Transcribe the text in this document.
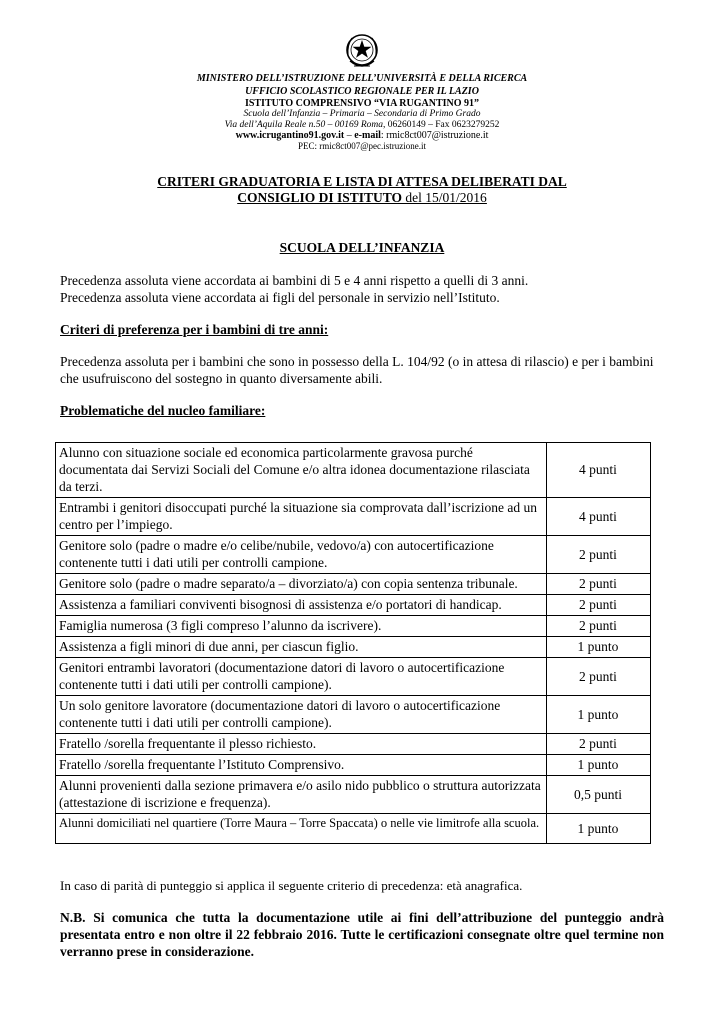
MINISTERO DELL’ISTRUZIONE DELL’UNIVERSITÀ E DELLA RICERCA
UFFICIO SCOLASTICO REGIONALE PER IL LAZIO
ISTITUTO COMPRENSIVO “VIA RUGANTINO 91”
Scuola dell’Infanzia – Primaria – Secondaria di Primo Grado
Via dell’Aquila Reale n.50 – 00169 Roma, 06260149 – Fax 0623279252
www.icrugantino91.gov.it – e-mail: rmic8ct007@istruzione.it
PEC: rmic8ct007@pec.istruzione.it
CRITERI GRADUATORIA E LISTA DI ATTESA DELIBERATI DAL
CONSIGLIO DI ISTITUTO del 15/01/2016
SCUOLA DELL’INFANZIA
Precedenza assoluta viene accordata ai bambini di 5 e 4 anni rispetto a quelli di 3 anni.
Precedenza assoluta viene accordata ai figli del personale in servizio nell’Istituto.
Criteri di preferenza per i bambini di tre anni:
Precedenza assoluta per i bambini che sono in possesso della L. 104/92 (o in attesa di rilascio) e per i bambini che usufruiscono del sostegno in quanto diversamente abili.
Problematiche del nucleo familiare:
Alunno con situazione sociale ed economica particolarmente gravosa purché documentata dai Servizi Sociali del Comune e/o altra idonea documentazione rilasciata da terzi.	4 punti
Entrambi i genitori disoccupati purché la situazione sia comprovata dall’iscrizione ad un centro per l’impiego.	4 punti
Genitore solo (padre o madre e/o celibe/nubile, vedovo/a) con autocertificazione contenente tutti i dati utili per controlli campione.	2 punti
Genitore solo (padre o madre separato/a – divorziato/a) con copia sentenza tribunale.	2 punti
Assistenza a familiari conviventi bisognosi di assistenza e/o portatori di handicap.	2 punti
Famiglia numerosa (3 figli compreso l’alunno da iscrivere).	2 punti
Assistenza a figli minori di due anni, per ciascun figlio.	1 punto
Genitori entrambi lavoratori (documentazione datori di lavoro o autocertificazione contenente tutti i dati utili per controlli campione).	2 punti
Un solo genitore lavoratore (documentazione datori di lavoro o autocertificazione contenente tutti i dati utili per controlli campione).	1 punto
Fratello /sorella frequentante il plesso richiesto.	2 punti
Fratello /sorella frequentante l’Istituto Comprensivo.	1 punto
Alunni provenienti dalla sezione primavera e/o asilo nido pubblico o struttura autorizzata (attestazione di iscrizione e frequenza).	0,5 punti
Alunni domiciliati nel quartiere (Torre Maura – Torre Spaccata) o nelle vie limitrofe alla scuola.	1 punto
In caso di parità di punteggio si applica il seguente criterio di precedenza: età anagrafica.
N.B. Si comunica che tutta la documentazione utile ai fini dell’attribuzione del punteggio andrà presentata entro e non oltre il 22 febbraio 2016. Tutte le certificazioni consegnate oltre quel termine non verranno prese in considerazione.
